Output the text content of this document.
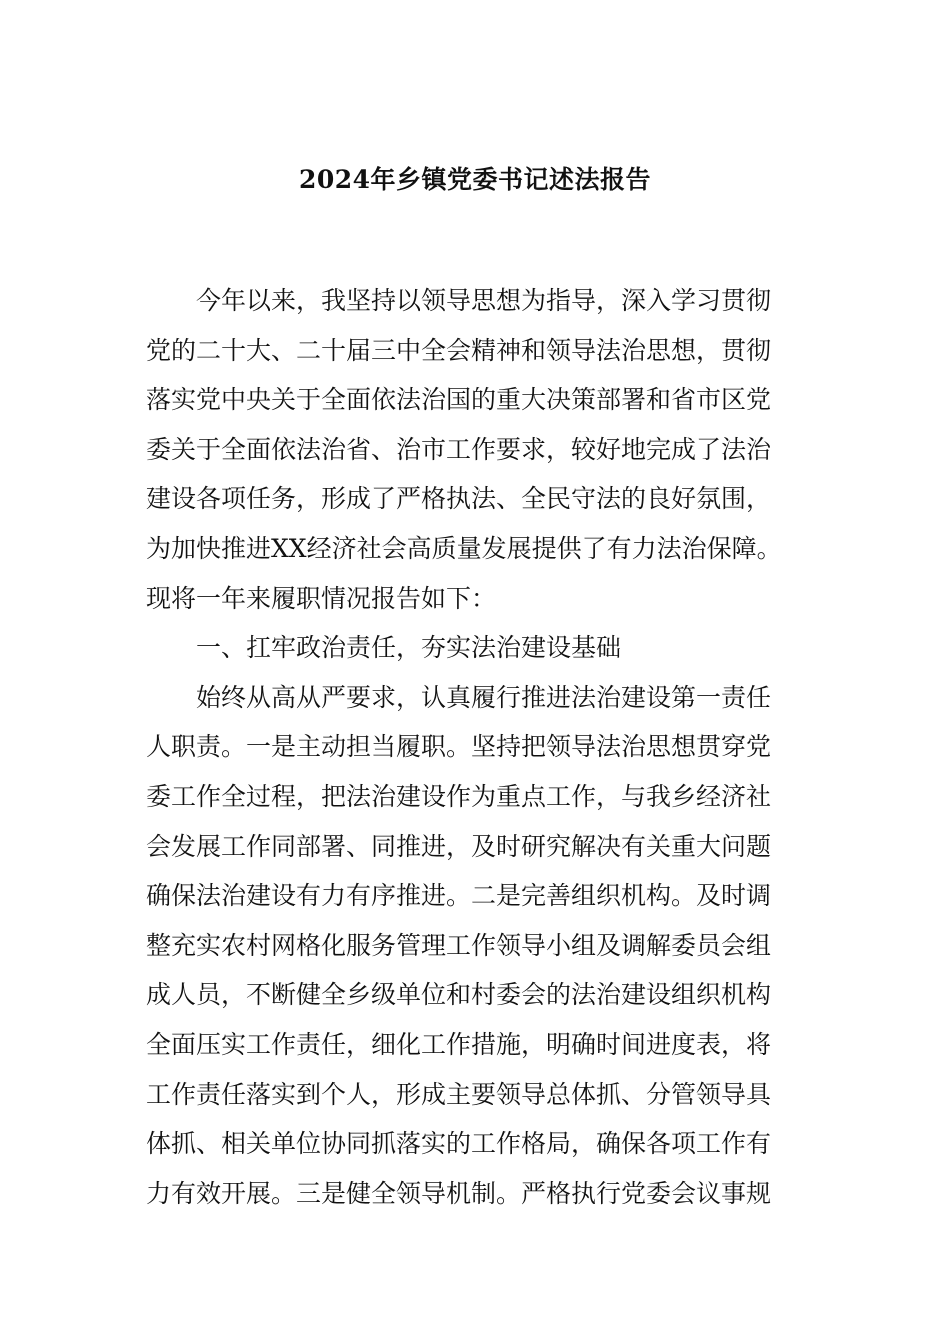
2024年乡镇党委书记述法报告
今年以来，我坚持以领导思想为指导，深入学习贯彻
党的二十大、二十届三中全会精神和领导法治思想，贯彻
落实党中央关于全面依法治国的重大决策部署和省市区党
委关于全面依法治省、治市工作要求，较好地完成了法治
建设各项任务，形成了严格执法、全民守法的良好氛围，
为加快推进XX经济社会高质量发展提供了有力法治保障。
现将一年来履职情况报告如下：
一、扛牢政治责任，夯实法治建设基础
始终从高从严要求，认真履行推进法治建设第一责任
人职责。一是主动担当履职。坚持把领导法治思想贯穿党
委工作全过程，把法治建设作为重点工作，与我乡经济社
会发展工作同部署、同推进，及时研究解决有关重大问题
确保法治建设有力有序推进。二是完善组织机构。及时调
整充实农村网格化服务管理工作领导小组及调解委员会组
成人员，不断健全乡级单位和村委会的法治建设组织机构
全面压实工作责任，细化工作措施，明确时间进度表，将
工作责任落实到个人，形成主要领导总体抓、分管领导具
体抓、相关单位协同抓落实的工作格局，确保各项工作有
力有效开展。三是健全领导机制。严格执行党委会议事规
